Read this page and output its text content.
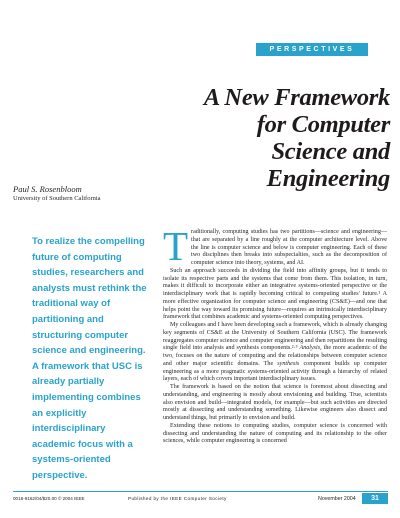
PERSPECTIVES
A New Framework
for Computer
Science and
Engineering
Paul S. Rosenbloom
University of Southern California
To realize the compelling future of computing studies, researchers and analysts must rethink the traditional way of partitioning and structuring computer science and engineering. A framework that USC is already partially implementing combines an explicitly interdisciplinary academic focus with a systems-oriented perspective.

Traditionally, computing studies has two partitions—science and engineering—that are separated by a line roughly at the computer architecture level. Above the line is computer science and below is computer engineering. Each of these two disciplines then breaks into subspecialties, such as the decomposition of computer science into theory, systems, and AI.

Such an approach succeeds in dividing the field into affinity groups, but it tends to isolate its respective parts and the systems that come from them. This isolation, in turn, makes it difficult to incorporate either an integrative systems-oriented perspective or the interdisciplinary work that is rapidly becoming critical to computing studies' future.¹ A more effective organization for computer science and engineering (CS&E)—and one that helps point the way toward its promising future—requires an intrinsically interdisciplinary framework that combines academic and systems-oriented computing perspectives.

My colleagues and I have been developing such a framework, which is already changing key segments of CS&E at the University of Southern California (USC). The framework reaggregates computer science and computer engineering and then repartitions the resulting single field into analysis and synthesis components.²·³ Analysis, the more academic of the two, focuses on the nature of computing and the relationships between computer science and other major scientific domains. The synthesis component builds up computer engineering as a more pragmatic systems-oriented activity through a hierarchy of related layers, each of which covers important interdisciplinary issues.

The framework is based on the notion that science is foremost about dissecting and understanding, and engineering is mostly about envisioning and building. True, scientists also envision and build—integrated models, for example—but such activities are directed mostly at dissecting and understanding something. Likewise engineers also dissect and understand things, but primarily to envision and build.

Extending these notions to computing studies, computer science is concerned with dissecting and understanding the nature of computing and its relationship to the other sciences, while computer engineering is concerned

0018-9162/04/$20.00 © 2004 IEEE	Published by the IEEE Computer Society	November 2004	31
